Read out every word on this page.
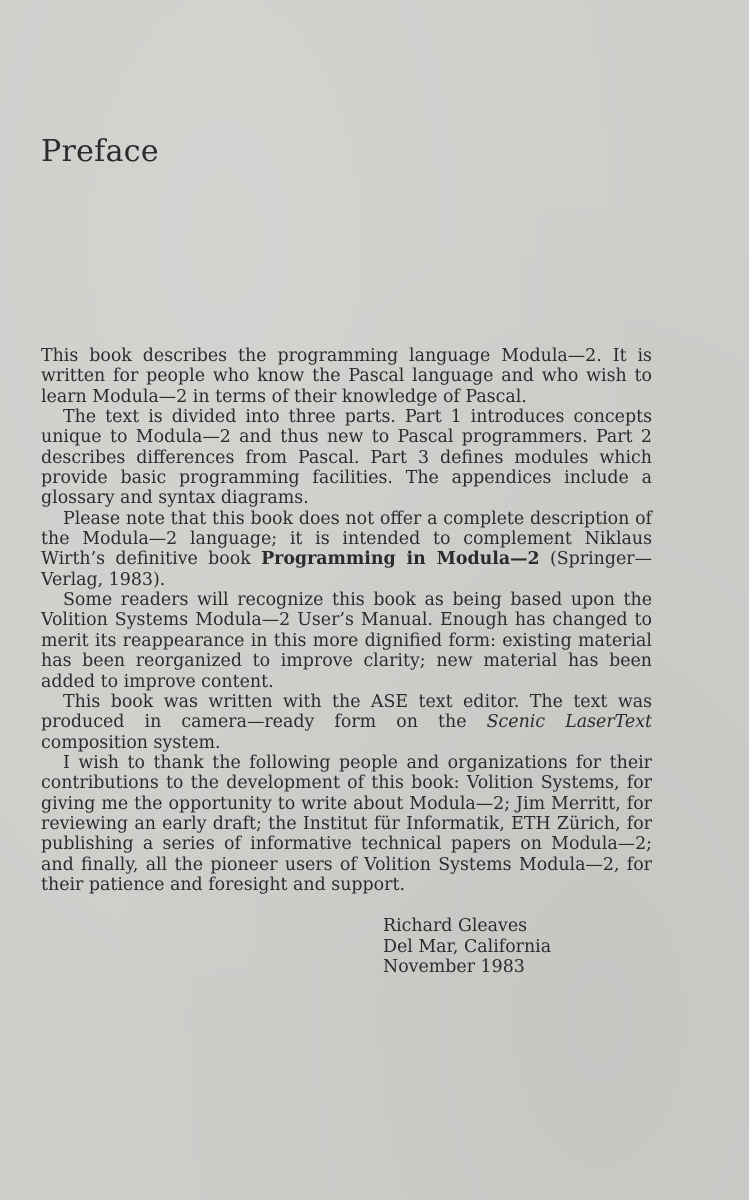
Preface

This book describes the programming language Modula—2. It is written for people who know the Pascal language and who wish to learn Modula—2 in terms of their knowledge of Pascal.

The text is divided into three parts. Part 1 introduces concepts unique to Modula—2 and thus new to Pascal programmers. Part 2 describes differences from Pascal. Part 3 defines modules which provide basic programming facilities. The appendices include a glossary and syntax diagrams.

Please note that this book does not offer a complete description of the Modula—2 language; it is intended to complement Niklaus Wirth’s definitive book Programming in Modula—2 (Springer—Verlag, 1983).

Some readers will recognize this book as being based upon the Volition Systems Modula—2 User’s Manual. Enough has changed to merit its reappearance in this more dignified form: existing material has been reorganized to improve clarity; new material has been added to improve content.

This book was written with the ASE text editor. The text was produced in camera—ready form on the Scenic LaserText composition system.

I wish to thank the following people and organizations for their contributions to the development of this book: Volition Systems, for giving me the opportunity to write about Modula—2; Jim Merritt, for reviewing an early draft; the Institut für Informatik, ETH Zürich, for publishing a series of informative technical papers on Modula—2; and finally, all the pioneer users of Volition Systems Modula—2, for their patience and foresight and support.

Richard Gleaves
Del Mar, California
November 1983
